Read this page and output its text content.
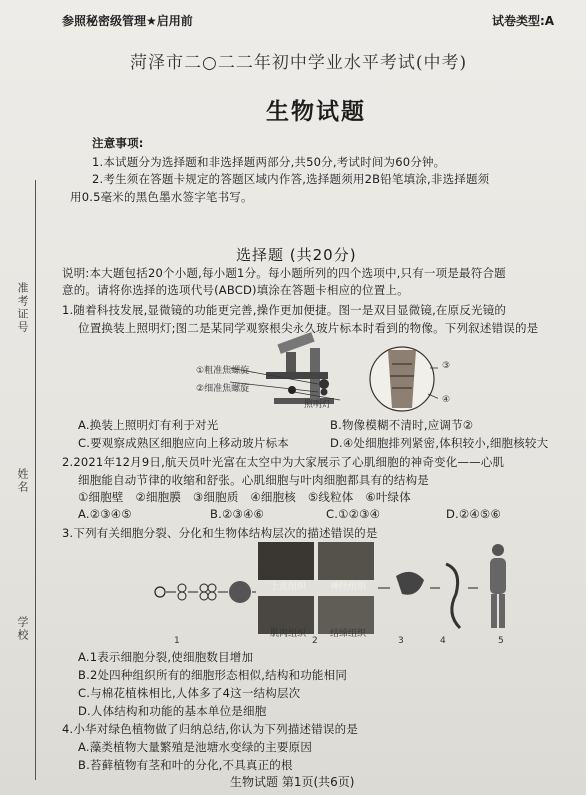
参照秘密级管理★启用前	试卷类型:A
菏泽市二○二二年初中学业水平考试(中考)
生物试题
注意事项:
1.本试题分为选择题和非选择题两部分,共50分,考试时间为60分钟。
2.考生须在答题卡规定的答题区域内作答,选择题须用2B铅笔填涂,非选择题须
用0.5毫米的黑色墨水签字笔书写。
选择题 (共20分)
说明:本大题包括20个小题,每小题1分。每小题所列的四个选项中,只有一项是最符合题
意的。请将你选择的选项代号(ABCD)填涂在答题卡相应的位置上。
准考证号
姓名
学校
1.随着科技发展,显微镜的功能更完善,操作更加便捷。图一是双目显微镜,在原反光镜的
位置换装上照明灯;图二是某同学观察根尖永久玻片标本时看到的物像。下列叙述错误的是
①粗准焦螺旋
②细准焦螺旋
照明灯
③
④
A.换装上照明灯有利于对光	B.物像模糊不清时,应调节②
C.要观察成熟区细胞应向上移动玻片标本	D.④处细胞排列紧密,体积较小,细胞核较大
2.2021年12月9日,航天员叶光富在太空中为大家展示了心肌细胞的神奇变化——心肌
细胞能自动节律的收缩和舒张。心肌细胞与叶肉细胞都具有的结构是
①细胞壁 ②细胞膜 ③细胞质 ④细胞核 ⑤线粒体 ⑥叶绿体
A.②③④⑤	B.②③④⑥	C.①②③④	D.②④⑤⑥
3.下列有关细胞分裂、分化和生物体结构层次的描述错误的是
上皮组织	神经组织
肌肉组织	结缔组织
1	2	3	4	5
A.1表示细胞分裂,使细胞数目增加
B.2处四种组织所有的细胞形态相似,结构和功能相同
C.与棉花植株相比,人体多了4这一结构层次
D.人体结构和功能的基本单位是细胞
4.小华对绿色植物做了归纳总结,你认为下列描述错误的是
A.藻类植物大量繁殖是池塘水变绿的主要原因
B.苔藓植物有茎和叶的分化,不具真正的根
生物试题 第1页(共6页)
